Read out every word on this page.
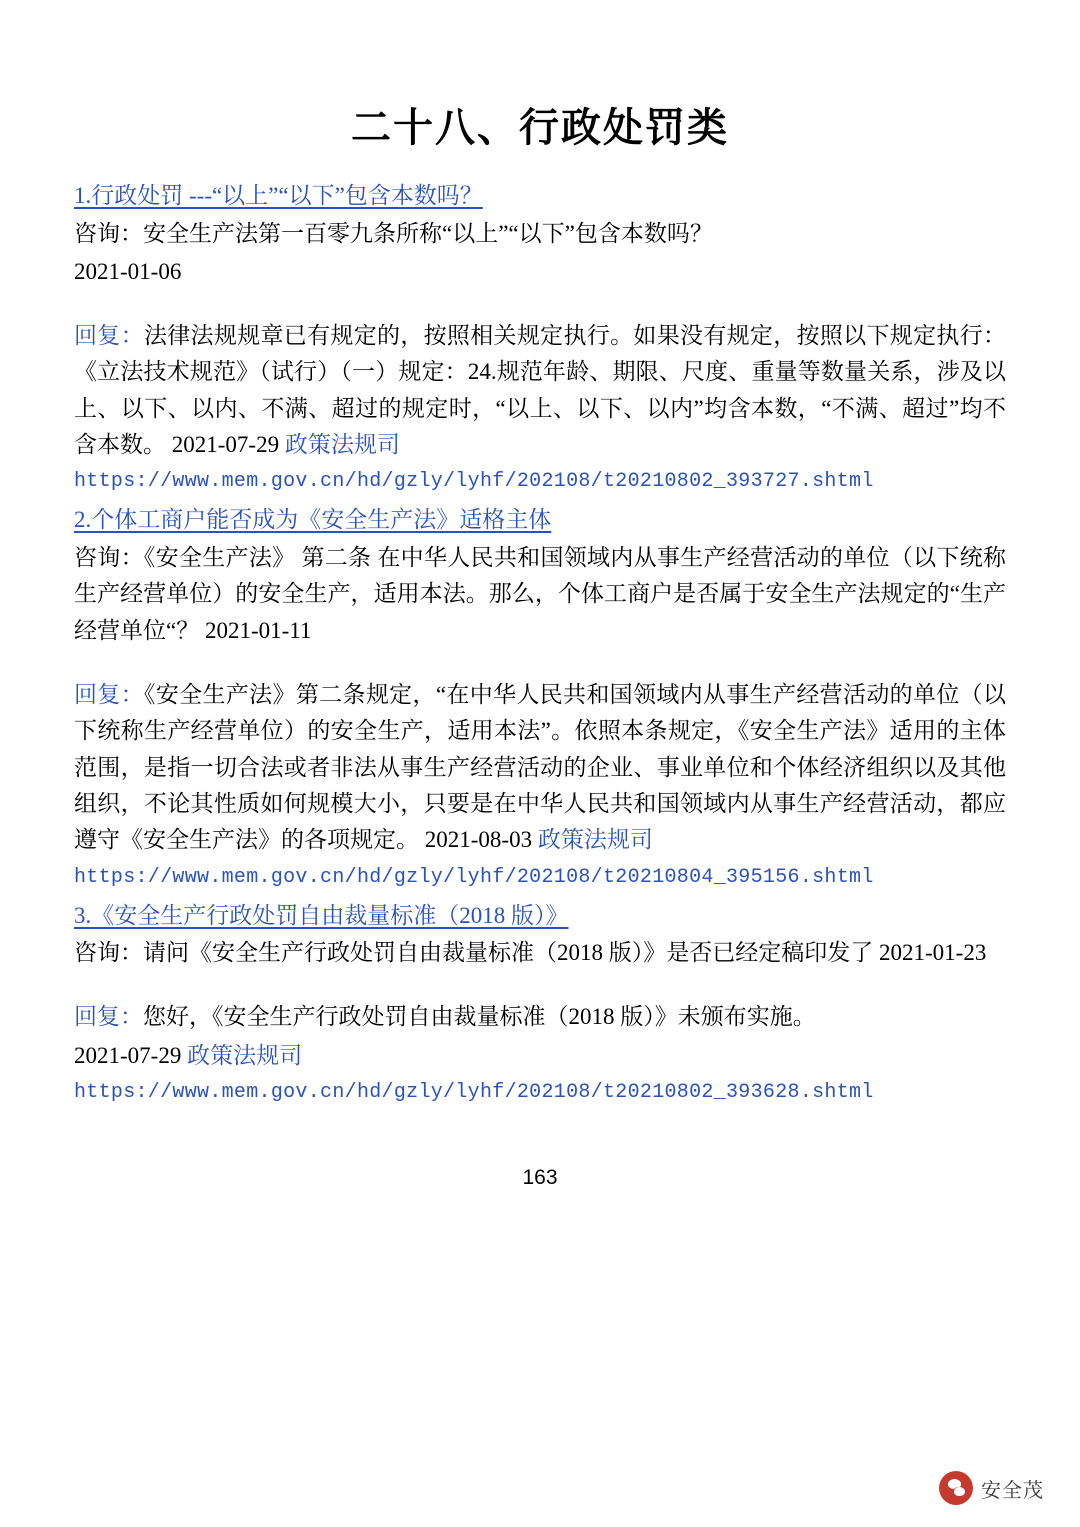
二十八、行政处罚类
1.行政处罚 ---“以上”“以下”包含本数吗？

咨询：安全生产法第一百零九条所称“以上”“以下”包含本数吗？

2021-01-06

回复：法律法规规章已有规定的，按照相关规定执行。如果没有规定，按照以下规定执行：《立法技术规范》（试行）（一）规定：24.规范年龄、期限、尺度、重量等数量关系，涉及以上、以下、以内、不满、超过的规定时，“以上、以下、以内”均含本数，“不满、超过”均不含本数。 2021-07-29 政策法规司

https://www.mem.gov.cn/hd/gzly/lyhf/202108/t20210802_393727.shtml
2.个体工商户能否成为《安全生产法》适格主体

咨询：《安全生产法》 第二条 在中华人民共和国领域内从事生产经营活动的单位（以下统称生产经营单位）的安全生产，适用本法。那么，个体工商户是否属于安全生产法规定的“生产经营单位“？ 2021-01-11

回复：《安全生产法》第二条规定，“在中华人民共和国领域内从事生产经营活动的单位（以下统称生产经营单位）的安全生产，适用本法”。依照本条规定，《安全生产法》适用的主体范围，是指一切合法或者非法从事生产经营活动的企业、事业单位和个体经济组织以及其他组织，不论其性质如何规模大小，只要是在中华人民共和国领域内从事生产经营活动，都应遵守《安全生产法》的各项规定。 2021-08-03 政策法规司

https://www.mem.gov.cn/hd/gzly/lyhf/202108/t20210804_395156.shtml
3.《安全生产行政处罚自由裁量标准（2018 版）》

咨询：请问《安全生产行政处罚自由裁量标准（2018 版）》是否已经定稿印发了 2021-01-23

回复：您好，《安全生产行政处罚自由裁量标准（2018 版）》未颁布实施。

2021-07-29 政策法规司

https://www.mem.gov.cn/hd/gzly/lyhf/202108/t20210802_393628.shtml
163
安全茂
